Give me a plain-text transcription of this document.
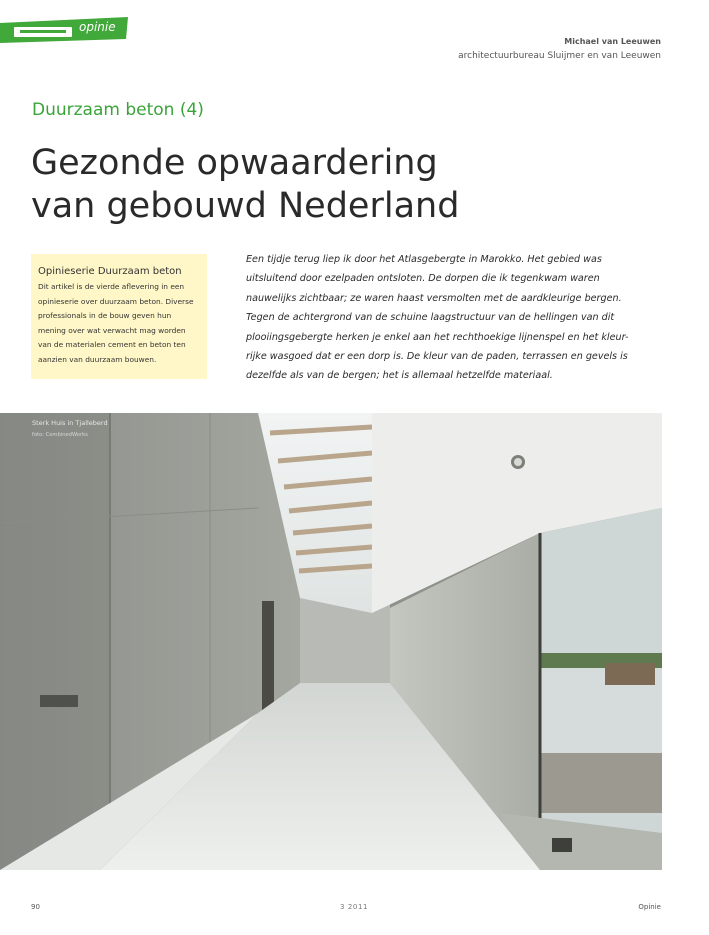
opinie
Michael van Leeuwen
architectuurbureau Sluijmer en van Leeuwen
Duurzaam beton (4)
Gezonde opwaardering
van gebouwd Nederland
Opinieserie Duurzaam beton
Dit artikel is de vierde aflevering in een
opinieserie over duurzaam beton. Diverse
professionals in de bouw geven hun
mening over wat verwacht mag worden
van de materialen cement en beton ten
aanzien van duurzaam bouwen.
Een tijdje terug liep ik door het Atlasgebergte in Marokko. Het gebied was
uitsluitend door ezelpaden ontsloten. De dorpen die ik tegenkwam waren
nauwelijks zichtbaar; ze waren haast versmolten met de aardkleurige bergen.
Tegen de achtergrond van de schuine laagstructuur van de hellingen van dit
plooiingsgebergte herken je enkel aan het rechthoekige lijnenspel en het kleur-
rijke wasgoed dat er een dorp is. De kleur van de paden, terrassen en gevels is
dezelfde als van de bergen; het is allemaal hetzelfde materiaal.
Sterk Huis in Tjalleberd
foto: CombinedWorks
90	3 2011	Opinie
